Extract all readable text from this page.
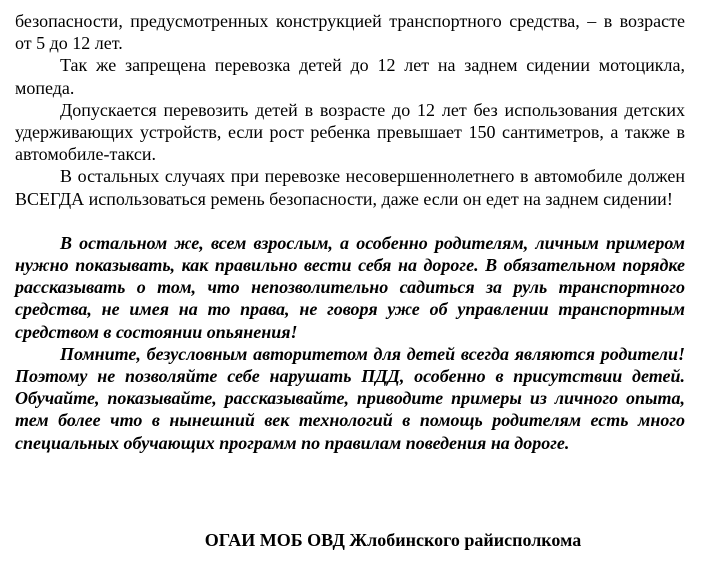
безопасности, предусмотренных конструкцией транспортного средства, – в возрасте от 5 до 12 лет.

Так же запрещена перевозка детей до 12 лет на заднем сидении мотоцикла, мопеда.

Допускается перевозить детей в возрасте до 12 лет без использования детских удерживающих устройств, если рост ребенка превышает 150 сантиметров, а также в автомобиле-такси.

В остальных случаях при перевозке несовершеннолетнего в автомобиле должен ВСЕГДА использоваться ремень безопасности, даже если он едет на заднем сидении!

В остальном же, всем взрослым, а особенно родителям, личным примером нужно показывать, как правильно вести себя на дороге. В обязательном порядке рассказывать о том, что непозволительно садиться за руль транспортного средства, не имея на то права, не говоря уже об управлении транспортным средством в состоянии опьянения!

Помните, безусловным авторитетом для детей всегда являются родители! Поэтому не позволяйте себе нарушать ПДД, особенно в присутствии детей. Обучайте, показывайте, рассказывайте, приводите примеры из личного опыта, тем более что в нынешний век технологий в помощь родителям есть много специальных обучающих программ по правилам поведения на дороге.

ОГАИ МОБ ОВД Жлобинского райисполкома
